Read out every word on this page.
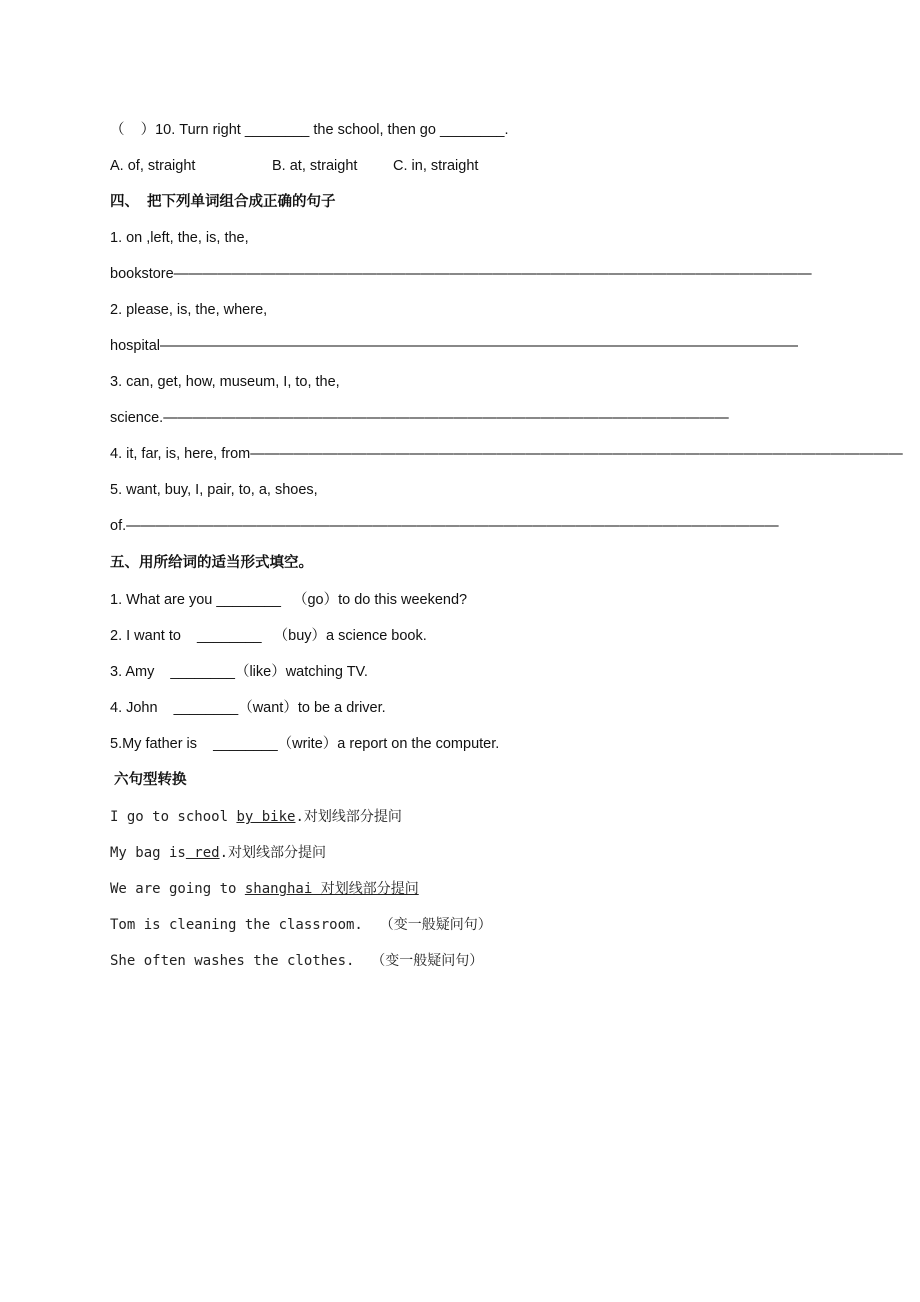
（    ）10. Turn right ________ the school, then go ________.

A. of, straight

	B. at, straight

C. in, straight

四、  把下列单词组合成正确的句子
1. on ,left, the, is, the,
bookstore————————————————————————————————————————————
2. please, is, the, where,
hospital————————————————————————————————————————————
3. can, get, how, museum, I, to, the,
science.———————————————————————————————————————
4. it, far, is, here, from—————————————————————————————————————————————
5. want, buy, I, pair, to, a, shoes,
of.—————————————————————————————————————————————
五、用所给词的适当形式填空。
1. What are you ________   （go）to do this weekend?
2. I want to    ________   （buy）a science book.
3. Amy    ________（like）watching TV.
4. John    ________（want）to be a driver.
5.My father is    ________（write）a report on the computer.
六句型转换
I go to school by bike.对划线部分提问
My bag is red.对划线部分提问
We are going to shanghai 对划线部分提问
Tom is cleaning the classroom.  （变一般疑问句）
She often washes the clothes.  （变一般疑问句）
